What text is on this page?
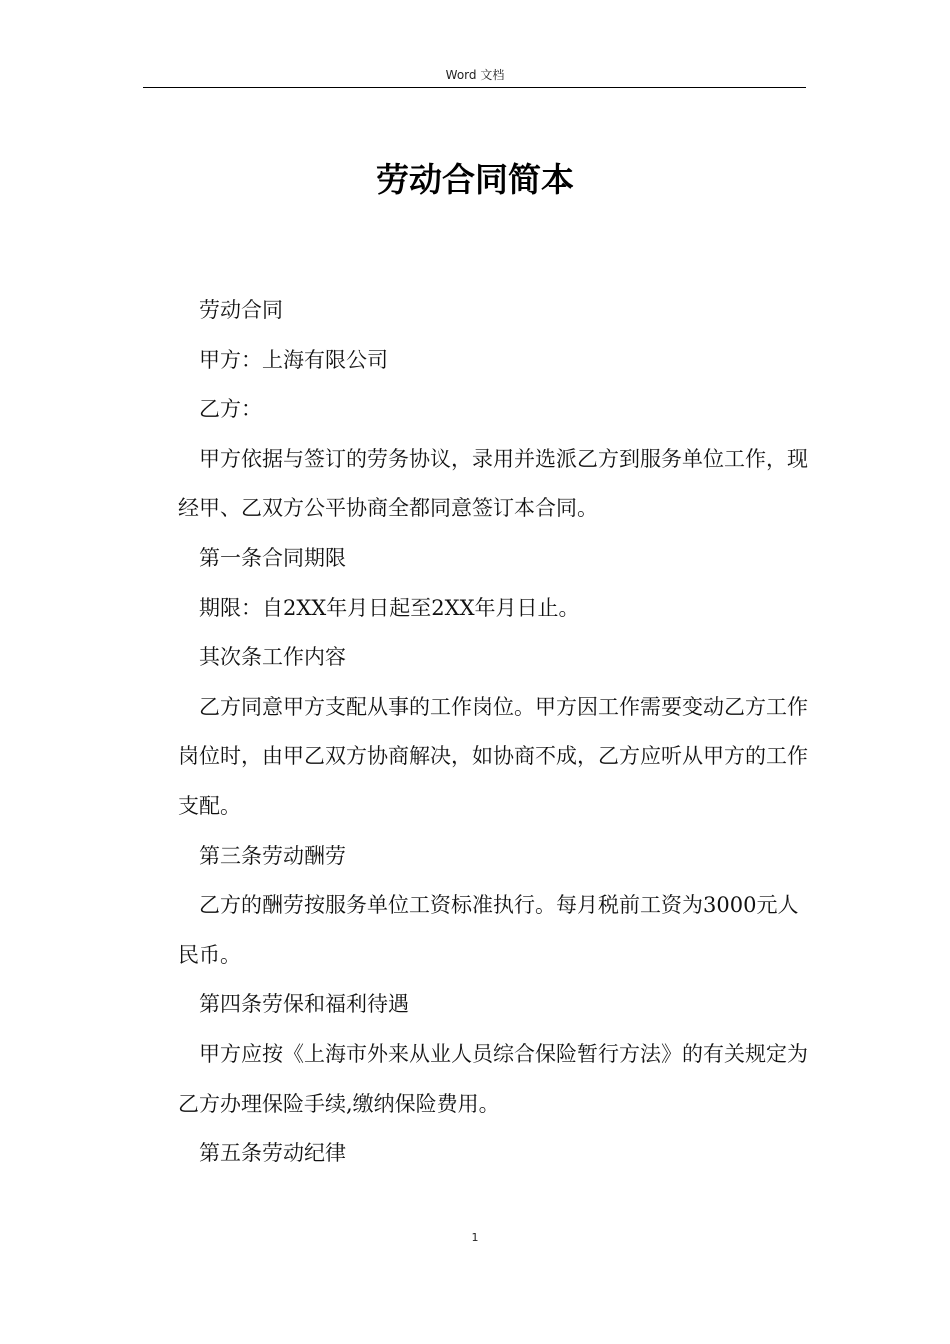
Word 文档
劳动合同简本

劳动合同

甲方：上海有限公司

乙方：

甲方依据与签订的劳务协议，录用并选派乙方到服务单位工作，现经甲、乙双方公平协商全都同意签订本合同。

第一条合同期限

期限：自2XX年月日起至2XX年月日止。

其次条工作内容

乙方同意甲方支配从事的工作岗位。甲方因工作需要变动乙方工作岗位时，由甲乙双方协商解决，如协商不成，乙方应听从甲方的工作支配。

第三条劳动酬劳

乙方的酬劳按服务单位工资标准执行。每月税前工资为3000元人民币。

第四条劳保和福利待遇

甲方应按《上海市外来从业人员综合保险暂行方法》的有关规定为乙方办理保险手续,缴纳保险费用。

第五条劳动纪律

1
